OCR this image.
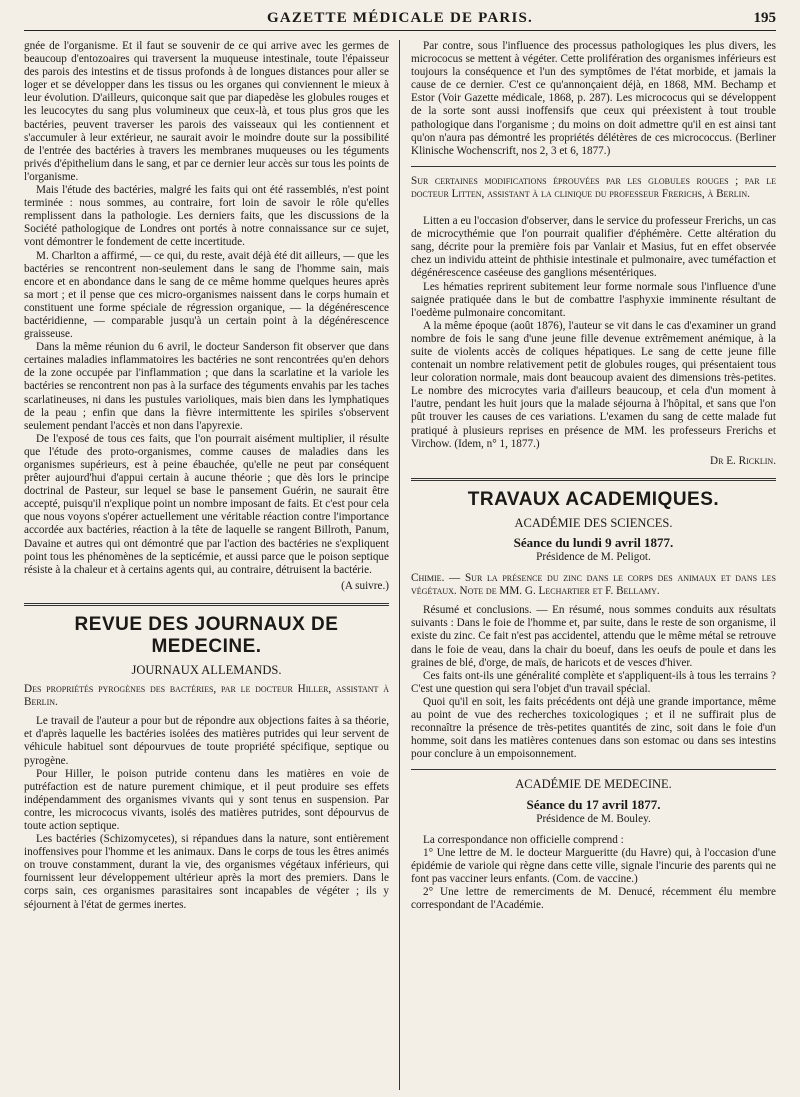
GAZETTE MÉDICALE DE PARIS.	195

gnée de l'organisme. Et il faut se souvenir de ce qui arrive avec les germes de beaucoup d'entozoaires qui traversent la muqueuse intestinale, toute l'épaisseur des parois des intestins et de tissus profonds à de longues distances pour aller se loger et se développer dans les tissus ou les organes qui conviennent le mieux à leur évolution. D'ailleurs, quiconque sait que par diapedèse les globules rouges et les leucocytes du sang plus volumineux que ceux-là, et tous plus gros que les bactéries, peuvent traverser les parois des vaisseaux qui les contiennent et s'accumuler à leur extérieur, ne saurait avoir le moindre doute sur la possibilité de l'entrée des bactéries à travers les membranes muqueuses ou les téguments privés d'épithelium dans le sang, et par ce dernier leur accès sur tous les points de l'organisme.

Mais l'étude des bactéries, malgré les faits qui ont été rassemblés, n'est point terminée : nous sommes, au contraire, fort loin de savoir le rôle qu'elles remplissent dans la pathologie. Les derniers faits, que les discussions de la Société pathologique de Londres ont portés à notre connaissance sur ce sujet, vont démontrer le fondement de cette incertitude.

M. Charlton a affirmé, — ce qui, du reste, avait déjà été dit ailleurs, — que les bactéries se rencontrent non-seulement dans le sang de l'homme sain, mais encore et en abondance dans le sang de ce même homme quelques heures après sa mort ; et il pense que ces micro-organismes naissent dans le corps humain et constituent une forme spéciale de régression organique, — la dégénérescence bactéridienne, — comparable jusqu'à un certain point à la dégénérescence graisseuse.

Dans la même réunion du 6 avril, le docteur Sanderson fit observer que dans certaines maladies inflammatoires les bactéries ne sont rencontrées qu'en dehors de la zone occupée par l'inflammation ; que dans la scarlatine et la variole les bactéries se rencontrent non pas à la surface des téguments envahis par les taches scarlatineuses, ni dans les pustules varioliques, mais bien dans les lymphatiques de la peau ; enfin que dans la fièvre intermittente les spiriles s'observent seulement pendant l'accès et non dans l'apyrexie.

De l'exposé de tous ces faits, que l'on pourrait aisément multiplier, il résulte que l'étude des proto-organismes, comme causes de maladies dans les organismes supérieurs, est à peine ébauchée, qu'elle ne peut par conséquent prêter aujourd'hui d'appui certain à aucune théorie ; que dès lors le principe doctrinal de Pasteur, sur lequel se base le pansement Guérin, ne saurait être accepté, puisqu'il n'explique point un nombre imposant de faits. Et c'est pour cela que nous voyons s'opérer actuellement une véritable réaction contre l'importance accordée aux bactéries, réaction à la tête de laquelle se rangent Billroth, Panum, Davaine et autres qui ont démontré que par l'action des bactéries ne s'expliquent point tous les phénomènes de la septicémie, et aussi parce que le poison septique résiste à la chaleur et à certains agents qui, au contraire, détruisent la bactérie.

(A suivre.)
REVUE DES JOURNAUX DE MEDECINE.
JOURNAUX ALLEMANDS.

Des propriétés pyrogènes des bactéries, par le docteur Hiller, assistant à Berlin.

Le travail de l'auteur a pour but de répondre aux objections faites à sa théorie, et d'après laquelle les bactéries isolées des matières putrides qui leur servent de véhicule habituel sont dépourvues de toute propriété spécifique, septique ou pyrogène.

Pour Hiller, le poison putride contenu dans les matières en voie de putréfaction est de nature purement chimique, et il peut produire ses effets indépendamment des organismes vivants qui y sont tenus en suspension. Par contre, les micrococus vivants, isolés des matières putrides, sont dépourvus de toute action septique.

Les bactéries (Schizomycetes), si répandues dans la nature, sont entièrement inoffensives pour l'homme et les animaux. Dans le corps de tous les êtres animés on trouve constamment, durant la vie, des organismes végétaux inférieurs, qui fournissent leur développement ultérieur après la mort des premiers. Dans le corps sain, ces organismes parasitaires sont incapables de végéter ; ils y séjournent à l'état de germes inertes.

Par contre, sous l'influence des processus pathologiques les plus divers, les micrococus se mettent à végéter. Cette prolifération des organismes inférieurs est toujours la conséquence et l'un des symptômes de l'état morbide, et jamais la cause de ce dernier. C'est ce qu'annonçaient déjà, en 1868, MM. Bechamp et Estor (Voir Gazette médicale, 1868, p. 287). Les micrococus qui se développent de la sorte sont aussi inoffensifs que ceux qui préexistent à tout trouble pathologique dans l'organisme ; du moins on doit admettre qu'il en est ainsi tant qu'on n'aura pas démontré les propriétés délétères de ces micrococcus. (Berliner Klinische Wochenscrift, nos 2, 3 et 6, 1877.)

Sur certaines modifications éprouvées par les globules rouges ; par le docteur Litten, assistant à la clinique du professeur Frerichs, à Berlin.

Litten a eu l'occasion d'observer, dans le service du professeur Frerichs, un cas de microcythémie que l'on pourrait qualifier d'éphémère. Cette altération du sang, décrite pour la première fois par Vanlair et Masius, fut en effet observée chez un individu atteint de phthisie intestinale et pulmonaire, avec tuméfaction et dégénérescence caséeuse des ganglions mésentériques.

Les hématies reprirent subitement leur forme normale sous l'influence d'une saignée pratiquée dans le but de combattre l'asphyxie imminente résultant de l'oedème pulmonaire concomitant.

A la même époque (août 1876), l'auteur se vit dans le cas d'examiner un grand nombre de fois le sang d'une jeune fille devenue extrêmement anémique, à la suite de violents accès de coliques hépatiques. Le sang de cette jeune fille contenait un nombre relativement petit de globules rouges, qui présentaient tous leur coloration normale, mais dont beaucoup avaient des dimensions très-petites. Le nombre des microcytes varia d'ailleurs beaucoup, et cela d'un moment à l'autre, pendant les huit jours que la malade séjourna à l'hôpital, et sans que l'on pût trouver les causes de ces variations. L'examen du sang de cette malade fut pratiqué à plusieurs reprises en présence de MM. les professeurs Frerichs et Virchow. (Idem, n° 1, 1877.)

Dr E. Ricklin.
TRAVAUX ACADEMIQUES.
ACADÉMIE DES SCIENCES.
Séance du lundi 9 avril 1877.
Présidence de M. Peligot.

Chimie. — Sur la présence du zinc dans le corps des animaux et dans les végétaux. Note de MM. G. Lechartier et F. Bellamy.

Résumé et conclusions. — En résumé, nous sommes conduits aux résultats suivants : Dans le foie de l'homme et, par suite, dans le reste de son organisme, il existe du zinc. Ce fait n'est pas accidentel, attendu que le même métal se retrouve dans le foie de veau, dans la chair du boeuf, dans les oeufs de poule et dans les graines de blé, d'orge, de maïs, de haricots et de vesces d'hiver.

Ces faits ont-ils une généralité complète et s'appliquent-ils à tous les terrains ? C'est une question qui sera l'objet d'un travail spécial.

Quoi qu'il en soit, les faits précédents ont déjà une grande importance, même au point de vue des recherches toxicologiques ; et il ne suffirait plus de reconnaître la présence de très-petites quantités de zinc, soit dans le foie d'un homme, soit dans les matières contenues dans son estomac ou dans ses intestins pour conclure à un empoisonnement.

ACADÉMIE DE MEDECINE.
Séance du 17 avril 1877.
Présidence de M. Bouley.

La correspondance non officielle comprend :

1° Une lettre de M. le docteur Margueritte (du Havre) qui, à l'occasion d'une épidémie de variole qui règne dans cette ville, signale l'incurie des parents qui ne font pas vacciner leurs enfants. (Com. de vaccine.)

2° Une lettre de remerciments de M. Denucé, récemment élu membre correspondant de l'Académie.
